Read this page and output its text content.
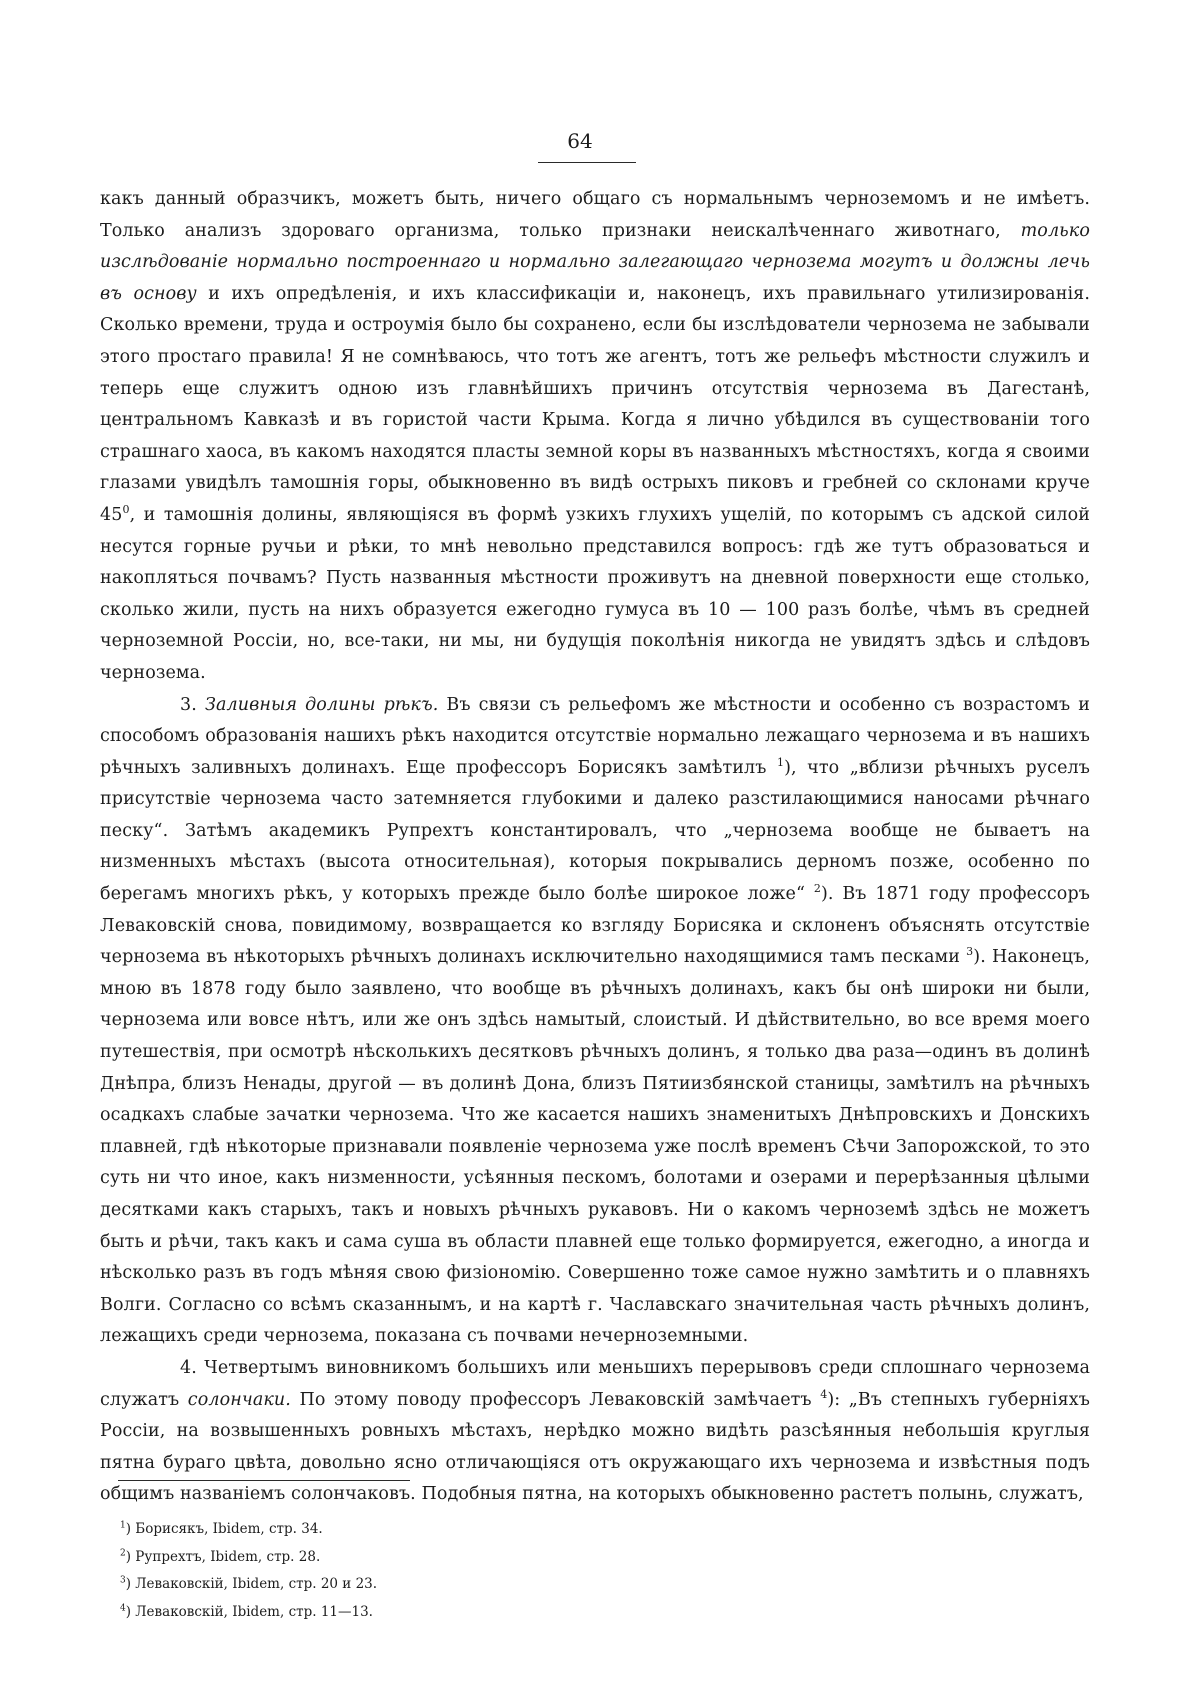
64

какъ данный образчикъ, можетъ быть, ничего общаго съ нормальнымъ черноземомъ и не имѣетъ. Только анализъ здороваго организма, только признаки неискалѣченнаго животнаго, только изслѣдованіе нормально построеннаго и нормально залегающаго чернозема могутъ и должны лечь въ основу и ихъ опредѣленія, и ихъ классификаціи и, наконецъ, ихъ правильнаго утилизированія. Сколько времени, труда и остроумія было бы сохранено, если бы изслѣдователи чернозема не забывали этого простаго правила! Я не сомнѣваюсь, что тотъ же агентъ, тотъ же рельефъ мѣстности служилъ и теперь еще служитъ одною изъ главнѣйшихъ причинъ отсутствія чернозема въ Дагестанѣ, центральномъ Кавказѣ и въ гористой части Крыма. Когда я лично убѣдился въ существованіи того страшнаго хаоса, въ какомъ находятся пласты земной коры въ названныхъ мѣстностяхъ, когда я своими глазами увидѣлъ тамошнія горы, обыкновенно въ видѣ острыхъ пиковъ и гребней со склонами круче $45^0$, и тамошнія долины, являющіяся въ формѣ узкихъ глухихъ ущелій, по которымъ съ адской силой несутся горные ручьи и рѣки, то мнѣ невольно представился вопросъ: гдѣ же тутъ образоваться и накопляться почвамъ? Пусть названныя мѣстности проживутъ на дневной поверхности еще столько, сколько жили, пусть на нихъ образуется ежегодно гумуса въ 10 — 100 разъ болѣе, чѣмъ въ средней черноземной Россіи, но, все-таки, ни мы, ни будущія поколѣнія никогда не увидятъ здѣсь и слѣдовъ чернозема.

3. Заливныя долины рѣкъ. Въ связи съ рельефомъ же мѣстности и особенно съ возрастомъ и способомъ образованія нашихъ рѣкъ находится отсутствіе нормально лежащаго чернозема и въ нашихъ рѣчныхъ заливныхъ долинахъ. Еще профессоръ Борисякъ замѣтилъ $^1$), что „вблизи рѣчныхъ руселъ присутствіе чернозема часто затемняется глубокими и далеко разстилающимися наносами рѣчнаго песку“. Затѣмъ академикъ Рупрехтъ константировалъ, что „чернозема вообще не бываетъ на низменныхъ мѣстахъ (высота относительная), которыя покрывались дерномъ позже, особенно по берегамъ многихъ рѣкъ, у которыхъ прежде было болѣе широкое ложе“ $^2$). Въ 1871 году профессоръ Леваковскій снова, повидимому, возвращается ко взгляду Борисяка и склоненъ объяснять отсутствіе чернозема въ нѣкоторыхъ рѣчныхъ долинахъ исключительно находящимися тамъ песками $^3$). Наконецъ, мною въ 1878 году было заявлено, что вообще въ рѣчныхъ долинахъ, какъ бы онѣ широки ни были, чернозема или вовсе нѣтъ, или же онъ здѣсь намытый, слоистый. И дѣйствительно, во все время моего путешествія, при осмотрѣ нѣсколькихъ десятковъ рѣчныхъ долинъ, я только два раза—одинъ въ долинѣ Днѣпра, близъ Ненады, другой — въ долинѣ Дона, близъ Пятиизбянской станицы, замѣтилъ на рѣчныхъ осадкахъ слабые зачатки чернозема. Что же касается нашихъ знаменитыхъ Днѣпровскихъ и Донскихъ плавней, гдѣ нѣкоторые признавали появленіе чернозема уже послѣ временъ Сѣчи Запорожской, то это суть ни что иное, какъ низменности, усѣянныя пескомъ, болотами и озерами и перерѣзанныя цѣлыми десятками какъ старыхъ, такъ и новыхъ рѣчныхъ рукавовъ. Ни о какомъ черноземѣ здѣсь не можетъ быть и рѣчи, такъ какъ и сама суша въ области плавней еще только формируется, ежегодно, а иногда и нѣсколько разъ въ годъ мѣняя свою физіономію. Совершенно тоже самое нужно замѣтить и о плавняхъ Волги. Согласно со всѣмъ сказаннымъ, и на картѣ г. Чаславскаго значительная часть рѣчныхъ долинъ, лежащихъ среди чернозема, показана съ почвами нечерноземными.

4. Четвертымъ виновникомъ большихъ или меньшихъ перерывовъ среди сплошнаго чернозема служатъ солончаки. По этому поводу профессоръ Леваковскій замѣчаетъ $^4$): „Въ степныхъ губерніяхъ Россіи, на возвышенныхъ ровныхъ мѣстахъ, нерѣдко можно видѣть разсѣянныя небольшія круглыя пятна бураго цвѣта, довольно ясно отличающіяся отъ окружающаго ихъ чернозема и извѣстныя подъ общимъ названіемъ солончаковъ. Подобныя пятна, на которыхъ обыкновенно растетъ полынь, служатъ,

$^1$) Борисякъ, Ibidem, стр. 34.
$^2$) Рупрехтъ, Ibidem, стр. 28.
$^3$) Леваковскій, Ibidem, стр. 20 и 23.
$^4$) Леваковскій, Ibidem, стр. 11—13.
